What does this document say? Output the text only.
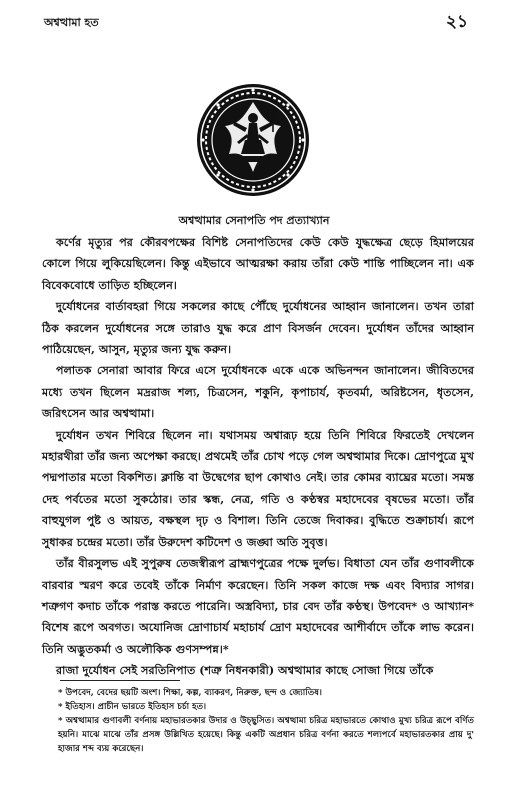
অশ্বত্থামা হত	২১
অশ্বত্থামার সেনাপতি পদ প্রত্যাখ্যান

কর্ণের মৃত্যুর পর কৌরবপক্ষের বিশিষ্ট সেনাপতিদের কেউ কেউ যুদ্ধক্ষেত্র ছেড়ে হিমালয়ের কোলে গিয়ে লুকিয়েছিলেন। কিন্তু এইভাবে আত্মরক্ষা করায় তাঁরা কেউ শান্তি পাচ্ছিলেন না। এক বিবেকবোধে তাড়িত হচ্ছিলেন।

দুর্যোধনের বার্তাবহরা গিয়ে সকলের কাছে পৌঁছে দুর্যোধনের আহ্বান জানালেন। তখন তারা ঠিক করলেন দুর্যোধনের সঙ্গে তারাও যুদ্ধ করে প্রাণ বিসর্জন দেবেন। দুর্যোধন তাঁদের আহ্বান পাঠিয়েছেন, আসুন, মৃত্যুর জন্য যুদ্ধ করুন।

পলাতক সেনারা আবার ফিরে এসে দুর্যোধনকে একে একে অভিনন্দন জানালেন। জীবিতদের মধ্যে তখন ছিলেন মদ্ররাজ শল্য, চিত্রসেন, শকুনি, কৃপাচার্য, কৃতবর্মা, অরিষ্টসেন, ধৃতসেন, জরিৎসেন আর অশ্বত্থামা।

দুর্যোধন তখন শিবিরে ছিলেন না। যথাসময় অশ্বারূঢ় হয়ে তিনি শিবিরে ফিরতেই দেখলেন মহারথীরা তাঁর জন্য অপেক্ষা করছে। প্রথমেই তাঁর চোখ পড়ে গেল অশ্বত্থামার দিকে। দ্রোণপুত্রে মুখ পদ্মপাতার মতো বিকশিত। ক্লান্তি বা উদ্বেগের ছাপ কোথাও নেই। তার কোমর ব্যাঘ্রের মতো। সমস্ত দেহ পর্বতের মতো সুকঠোর। তার স্কন্ধ, নেত্র, গতি ও কণ্ঠস্বর মহাদেবের বৃষভের মতো। তাঁর বাহুযুগল পুষ্ট ও আয়ত, বক্ষস্থল দৃঢ় ও বিশাল। তিনি তেজে দিবাকর। বুদ্ধিতে শুক্রাচার্য। রূপে সুধাকর চন্দ্রের মতো। তাঁর উরুদেশ কটিদেশ ও জঙ্ঘা অতি সুবৃত্ত।

তাঁর বীরসুলভ এই সুপুরুষ তেজস্বীরূপ ব্রাহ্মণপুত্রের পক্ষে দুর্লভ। বিধাতা যেন তাঁর গুণাবলীকে বারবার স্মরণ করে তবেই তাঁকে নির্মাণ করেছেন। তিনি সকল কাজে দক্ষ এবং বিদ্যার সাগর। শত্রুগণ কদাচ তাঁকে পরাস্ত করতে পারেনি। অস্ত্রবিদ্যা, চার বেদ তাঁর কণ্ঠস্থ। উপবেদ* ও আখ্যান* বিশেষ রূপে অবগত। অযোনিজ দ্রোণাচার্য মহাচার্য দ্রোণ মহাদেবের আশীর্বাদে তাঁকে লাভ করেন। তিনি অদ্ভুতকর্মা ও অলৌকিক গুণসম্পন্ন।*

রাজা দুর্যোধন সেই সরতিনিপাত (শত্রু নিধনকারী) অশ্বত্থামার কাছে সোজা গিয়ে তাঁকে

* উপবেদ, বেদের ছয়টি অংশ। শিক্ষা, কল্প, ব্যাকরণ, নিরুক্ত, ছন্দ ও জ্যোতিষ।

* ইতিহাস। প্রাচীন ভারতে ইতিহাস চর্চা হত।

* অশ্বত্থামার গুণাবলী বর্ণনায় মহাভারতকার উদার ও উচ্ছ্বসিত। অশ্বত্থামা চরিত্র মহাভারতে কোথাও মুখ্য চরিত্র রূপে বর্ণিত হয়নি। মাঝে মাঝে তাঁর প্রসঙ্গ উল্লিখিত হয়েছে। কিন্তু একটি অপ্রধান চরিত্র বর্ণনা করতে শল্যপর্বে মহাভারতকার প্রায় দু' হাজার শব্দ ব্যয় করেছেন।
